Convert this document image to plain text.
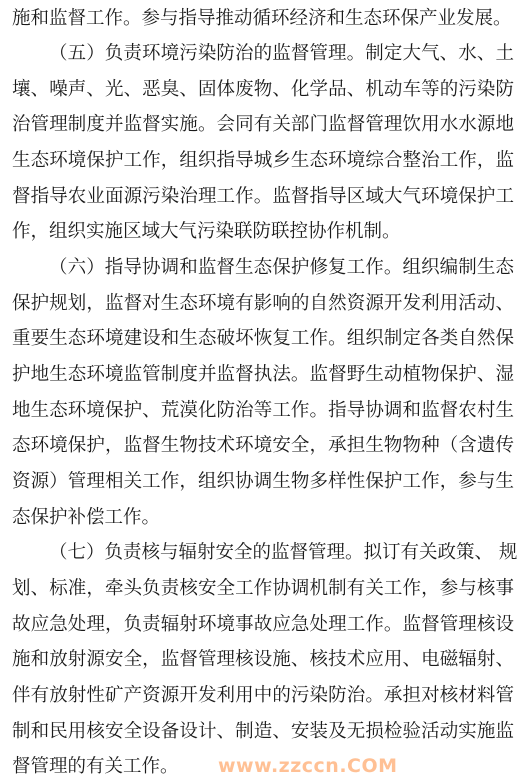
施和监督工作。参与指导推动循环经济和生态环保产业发展。
（五）负责环境污染防治的监督管理。制定大气、水、土
壤、噪声、光、恶臭、固体废物、化学品、机动车等的污染防
治管理制度并监督实施。会同有关部门监督管理饮用水水源地
生态环境保护工作，组织指导城乡生态环境综合整治工作，监
督指导农业面源污染治理工作。监督指导区域大气环境保护工
作，组织实施区域大气污染联防联控协作机制。
（六）指导协调和监督生态保护修复工作。组织编制生态
保护规划，监督对生态环境有影响的自然资源开发利用活动、
重要生态环境建设和生态破坏恢复工作。组织制定各类自然保
护地生态环境监管制度并监督执法。监督野生动植物保护、湿
地生态环境保护、荒漠化防治等工作。指导协调和监督农村生
态环境保护，监督生物技术环境安全，承担生物物种（含遗传
资源）管理相关工作，组织协调生物多样性保护工作，参与生
态保护补偿工作。
（七）负责核与辐射安全的监督管理。拟订有关政策、 规
划、标准，牵头负责核安全工作协调机制有关工作，参与核事
故应急处理，负责辐射环境事故应急处理工作。监督管理核设
施和放射源安全，监督管理核设施、核技术应用、电磁辐射、
伴有放射性矿产资源开发利用中的污染防治。承担对核材料管
制和民用核安全设备设计、制造、安装及无损检验活动实施监
督管理的有关工作。 www.zzccn.COM
